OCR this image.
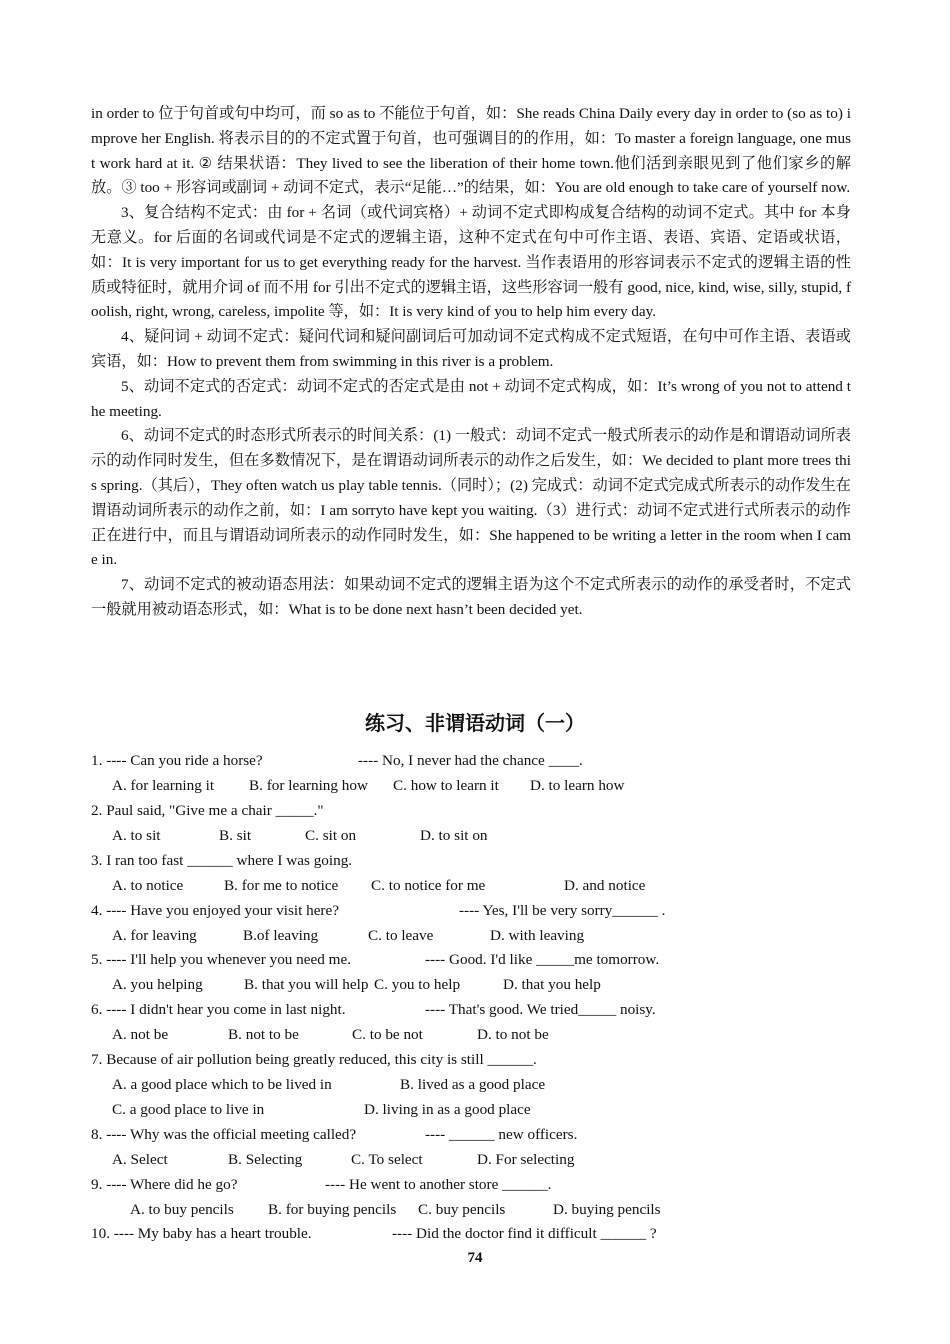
in order to 位于句首或句中均可，而 so as to 不能位于句首，如：She reads China Daily every day in order to (so as to) improve her English. 将表示目的的不定式置于句首，也可强调目的的作用，如：To master a foreign language, one must work hard at it. ② 结果状语：They lived to see the liberation of their home town.他们活到亲眼见到了他们家乡的解放。③ too + 形容词或副词 + 动词不定式，表示“足能…”的结果，如：You are old enough to take care of yourself now.

3、复合结构不定式：由 for + 名词（或代词宾格）+ 动词不定式即构成复合结构的动词不定式。其中 for 本身无意义。for 后面的名词或代词是不定式的逻辑主语，这种不定式在句中可作主语、表语、宾语、定语或状语，如：It is very important for us to get everything ready for the harvest. 当作表语用的形容词表示不定式的逻辑主语的性质或特征时，就用介词 of 而不用 for 引出不定式的逻辑主语，这些形容词一般有 good, nice, kind, wise, silly, stupid, foolish, right, wrong, careless, impolite 等，如：It is very kind of you to help him every day.

4、疑问词 + 动词不定式：疑问代词和疑问副词后可加动词不定式构成不定式短语，在句中可作主语、表语或宾语，如：How to prevent them from swimming in this river is a problem.

5、动词不定式的否定式：动词不定式的否定式是由 not + 动词不定式构成，如：It’s wrong of you not to attend the meeting.

6、动词不定式的时态形式所表示的时间关系：(1) 一般式：动词不定式一般式所表示的动作是和谓语动词所表示的动作同时发生，但在多数情况下，是在谓语动词所表示的动作之后发生，如：We decided to plant more trees this spring.（其后），They often watch us play table tennis.（同时）；(2) 完成式：动词不定式完成式所表示的动作发生在谓语动词所表示的动作之前，如：I am sorryto have kept you waiting.（3）进行式：动词不定式进行式所表示的动作正在进行中，而且与谓语动词所表示的动作同时发生，如：She happened to be writing a letter in the room when I came in.

7、动词不定式的被动语态用法：如果动词不定式的逻辑主语为这个不定式所表示的动作的承受者时，不定式一般就用被动语态形式，如：What is to be done next hasn’t been decided yet.

练习、非谓语动词（一）
1. ---- Can you ride a horse?	---- No, I never had the chance ____.
A. for learning it B. for learning how C. how to learn it D. to learn how
2. Paul said, "Give me a chair _____."
A. to sit	B. sit	C. sit on	D. to sit on
3. I ran too fast ______ where I was going.
A. to notice	B. for me to notice C. to notice for me	D. and notice
4. ---- Have you enjoyed your visit here?	---- Yes, I'll be very sorry______ .
A. for leaving	B.of leaving	C. to leave	D. with leaving
5. ---- I'll help you whenever you need me.	---- Good. I'd like _____me tomorrow.
A. you helping	B. that you will help C. you to help	D. that you help
6. ---- I didn't hear you come in last night.	---- That's good. We tried_____ noisy.
A. not be	B. not to be	C. to be not	D. to not be
7. Because of air pollution being greatly reduced, this city is still ______.
A. a good place which to be lived in	B. lived as a good place
C. a good place to live in	D. living in as a good place
8. ---- Why was the official meeting called?	---- ______ new officers.
A. Select	B. Selecting	C. To select	D. For selecting
9. ---- Where did he go?	---- He went to another store ______.
A. to buy pencils B. for buying pencils C. buy pencils	D. buying pencils
10. ---- My baby has a heart trouble.	---- Did the doctor find it difficult ______ ?
74
